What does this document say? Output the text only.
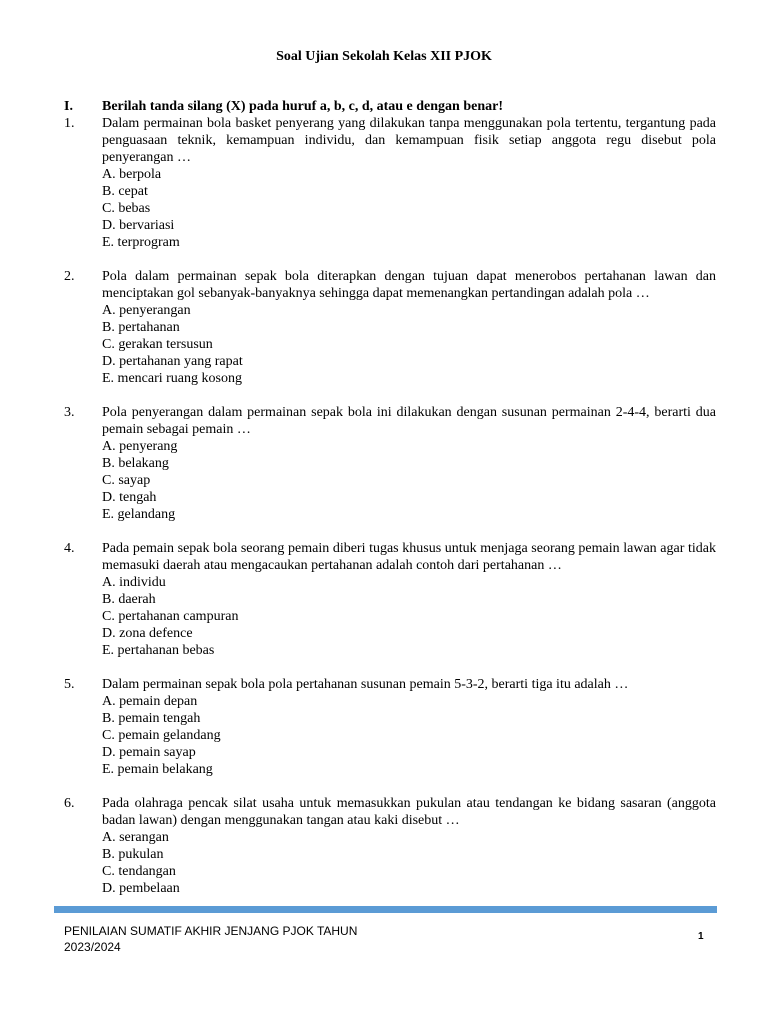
Soal Ujian Sekolah Kelas XII PJOK
I.	Berilah tanda silang (X) pada huruf a, b, c, d, atau e dengan benar!
1.	Dalam permainan bola basket penyerang yang dilakukan tanpa menggunakan pola tertentu, tergantung pada penguasaan teknik, kemampuan individu, dan kemampuan fisik setiap anggota regu disebut pola penyerangan …
A. berpola
B. cepat
C. bebas
D. bervariasi
E. terprogram
2.	Pola dalam permainan sepak bola diterapkan dengan tujuan dapat menerobos pertahanan lawan dan menciptakan gol sebanyak-banyaknya sehingga dapat memenangkan pertandingan adalah pola …
A. penyerangan
B. pertahanan
C. gerakan tersusun
D. pertahanan yang rapat
E. mencari ruang kosong
3.	Pola penyerangan dalam permainan sepak bola ini dilakukan dengan susunan permainan 2-4-4, berarti dua pemain sebagai pemain …
A. penyerang
B. belakang
C. sayap
D. tengah
E. gelandang
4.	Pada pemain sepak bola seorang pemain diberi tugas khusus untuk menjaga seorang pemain lawan agar tidak memasuki daerah atau mengacaukan pertahanan adalah contoh dari pertahanan …
A. individu
B. daerah
C. pertahanan campuran
D. zona defence
E. pertahanan bebas
5.	Dalam permainan sepak bola pola pertahanan susunan pemain 5-3-2, berarti tiga itu adalah …
A. pemain depan
B. pemain tengah
C. pemain gelandang
D. pemain sayap
E. pemain belakang
6.	Pada olahraga pencak silat usaha untuk memasukkan pukulan atau tendangan ke bidang sasaran (anggota badan lawan) dengan menggunakan tangan atau kaki disebut …
A. serangan
B. pukulan
C. tendangan
D. pembelaan
PENILAIAN SUMATIF AKHIR JENJANG PJOK TAHUN
2023/2024
1
